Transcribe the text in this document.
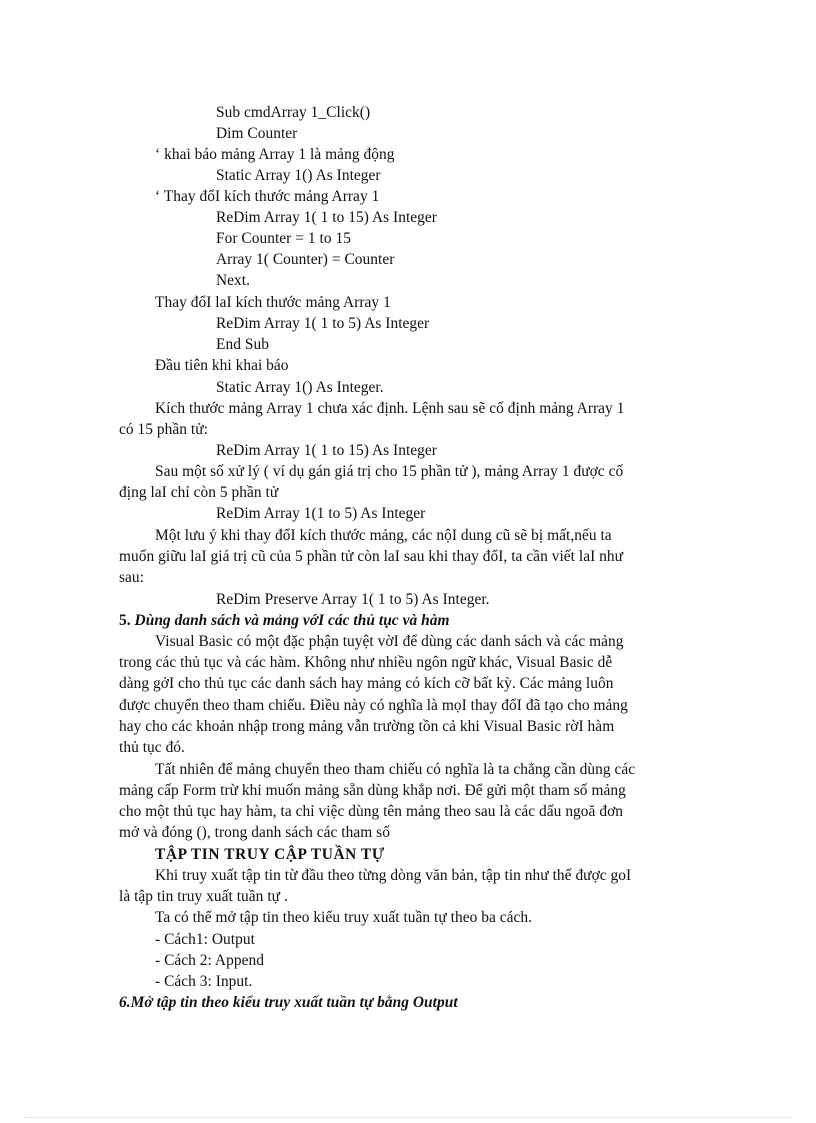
Sub cmdArray 1_Click()
Dim Counter
‘ khai báo mảng Array 1 là mảng động
Static Array 1() As Integer
‘ Thay đổI kích thước mảng Array 1
ReDim Array 1( 1 to 15) As Integer
For Counter = 1 to 15
Array 1( Counter) = Counter
Next.
Thay đổI laI kích thước mảng Array 1
ReDim Array 1( 1 to 5) As Integer
End Sub
Đầu tiên khi khai báo
Static Array 1() As Integer.
Kích thước mảng Array 1 chưa xác định. Lệnh sau sẽ cố định mảng Array 1
có 15 phần tử:
ReDim Array 1( 1 to 15) As Integer
Sau một số xử lý ( ví dụ gán giá trị cho 15 phần tử ), mảng Array 1 được cố
địng laI chỉ còn 5 phần tử
ReDim Array 1(1 to 5) As Integer
Một lưu ý khi thay đổI kích thước mảng, các nộI dung cũ sẽ bị mất,nếu ta
muốn giữu laI giá trị cũ của 5 phần tử còn laI sau khi thay đổI, ta cần viết laI như
sau:
ReDim Preserve Array 1( 1 to 5) As Integer.
5. Dùng danh sách và mảng vớI các thủ tục và hàm
Visual Basic có một đặc phận tuyệt vờI để dùng các danh sách và các mảng
trong các thủ tục và các hàm. Không như nhiều ngôn ngữ khác, Visual Basic dễ
dàng gởI cho thủ tục các danh sách hay mảng có kích cỡ bất kỳ. Các mảng luôn
được chuyển theo tham chiếu. Điều này có nghĩa là mọI thay đổI đã tạo cho mảng
hay cho các khoản nhập trong mảng vẫn trường tồn cả khi Visual Basic rờI hàm
thủ tục đó.
Tất nhiên để mảng chuyển theo tham chiếu có nghĩa là ta chẳng cần dùng các
mảng cấp Form trừ khi muốn mảng sẵn dùng khắp nơi. Để gửi một tham số mảng
cho một thủ tục hay hàm, ta chỉ việc dùng tên mảng theo sau là các dấu ngoă đơn
mở và đóng (), trong danh sách các tham số
TẬP TIN TRUY CẬP TUẦN TỰ
Khi truy xuất tập tin từ đầu theo từng dòng văn bản, tập tin như thế được goI
là tập tin truy xuất tuần tự .
Ta có thể mở tập tin theo kiểu truy xuất tuần tự theo ba cách.
- Cách1: Output
- Cách 2: Append
- Cách 3: Input.
6.Mở tập tin theo kiểu truy xuất tuần tự bằng Output
